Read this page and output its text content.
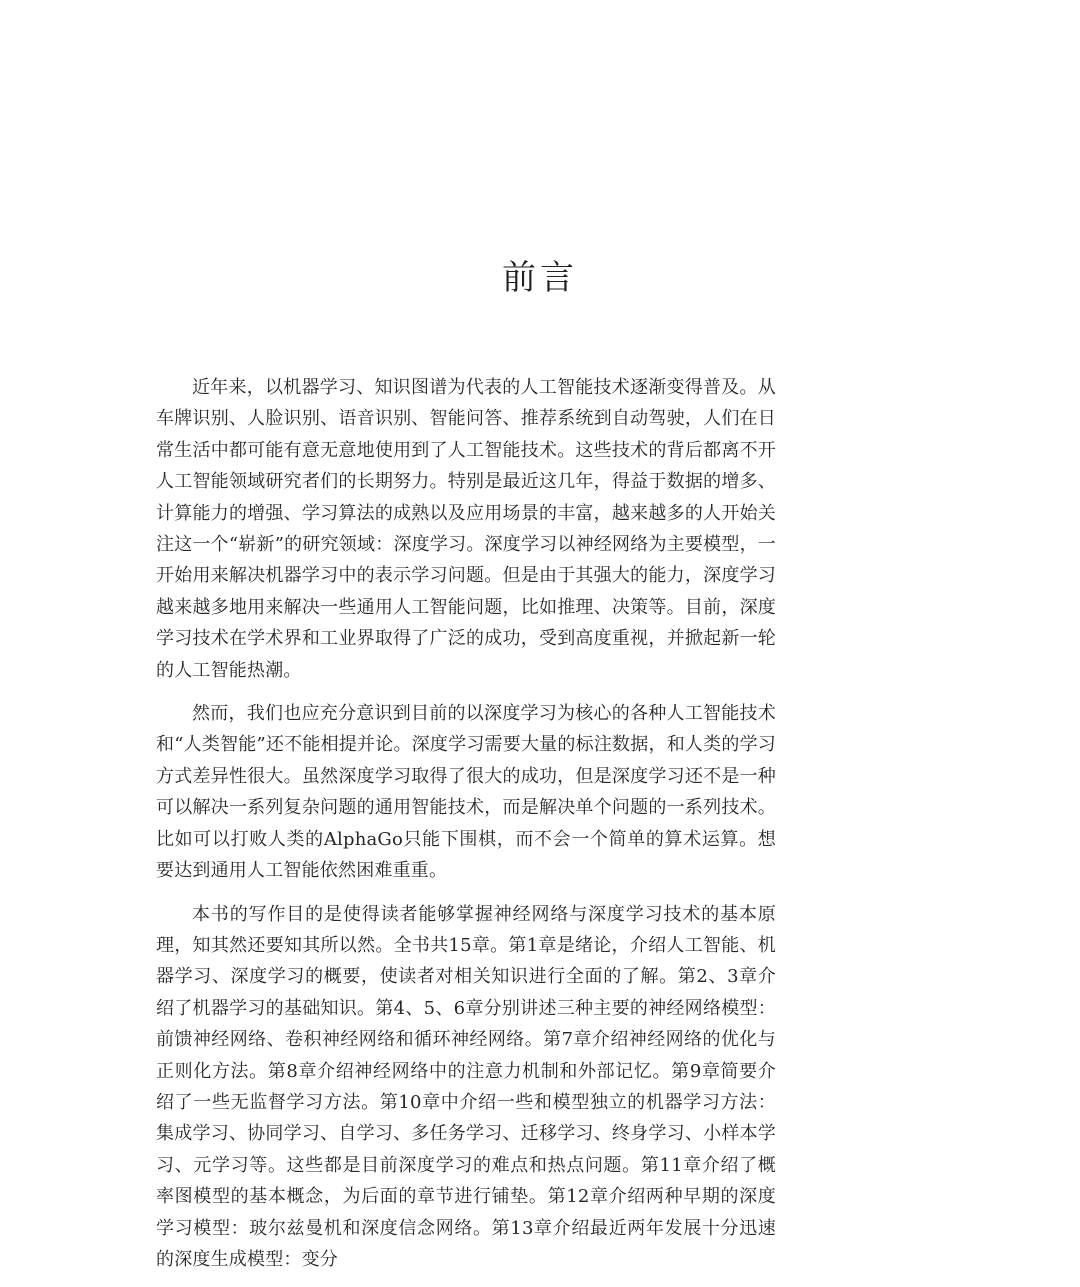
前言

近年来，以机器学习、知识图谱为代表的人工智能技术逐渐变得普及。从车牌识别、人脸识别、语音识别、智能问答、推荐系统到自动驾驶，人们在日常生活中都可能有意无意地使用到了人工智能技术。这些技术的背后都离不开人工智能领域研究者们的长期努力。特别是最近这几年，得益于数据的增多、计算能力的增强、学习算法的成熟以及应用场景的丰富，越来越多的人开始关注这一个“崭新”的研究领域：深度学习。深度学习以神经网络为主要模型，一开始用来解决机器学习中的表示学习问题。但是由于其强大的能力，深度学习越来越多地用来解决一些通用人工智能问题，比如推理、决策等。目前，深度学习技术在学术界和工业界取得了广泛的成功，受到高度重视，并掀起新一轮的人工智能热潮。

然而，我们也应充分意识到目前的以深度学习为核心的各种人工智能技术和“人类智能”还不能相提并论。深度学习需要大量的标注数据，和人类的学习方式差异性很大。虽然深度学习取得了很大的成功，但是深度学习还不是一种可以解决一系列复杂问题的通用智能技术，而是解决单个问题的一系列技术。比如可以打败人类的AlphaGo只能下围棋，而不会一个简单的算术运算。想要达到通用人工智能依然困难重重。

本书的写作目的是使得读者能够掌握神经网络与深度学习技术的基本原理，知其然还要知其所以然。全书共15章。第1章是绪论，介绍人工智能、机器学习、深度学习的概要，使读者对相关知识进行全面的了解。第2、3章介绍了机器学习的基础知识。第4、5、6章分别讲述三种主要的神经网络模型：前馈神经网络、卷积神经网络和循环神经网络。第7章介绍神经网络的优化与正则化方法。第8章介绍神经网络中的注意力机制和外部记忆。第9章简要介绍了一些无监督学习方法。第10章中介绍一些和模型独立的机器学习方法：集成学习、协同学习、自学习、多任务学习、迁移学习、终身学习、小样本学习、元学习等。这些都是目前深度学习的难点和热点问题。第11章介绍了概率图模型的基本概念，为后面的章节进行铺垫。第12章介绍两种早期的深度学习模型：玻尔兹曼机和深度信念网络。第13章介绍最近两年发展十分迅速的深度生成模型：变分
